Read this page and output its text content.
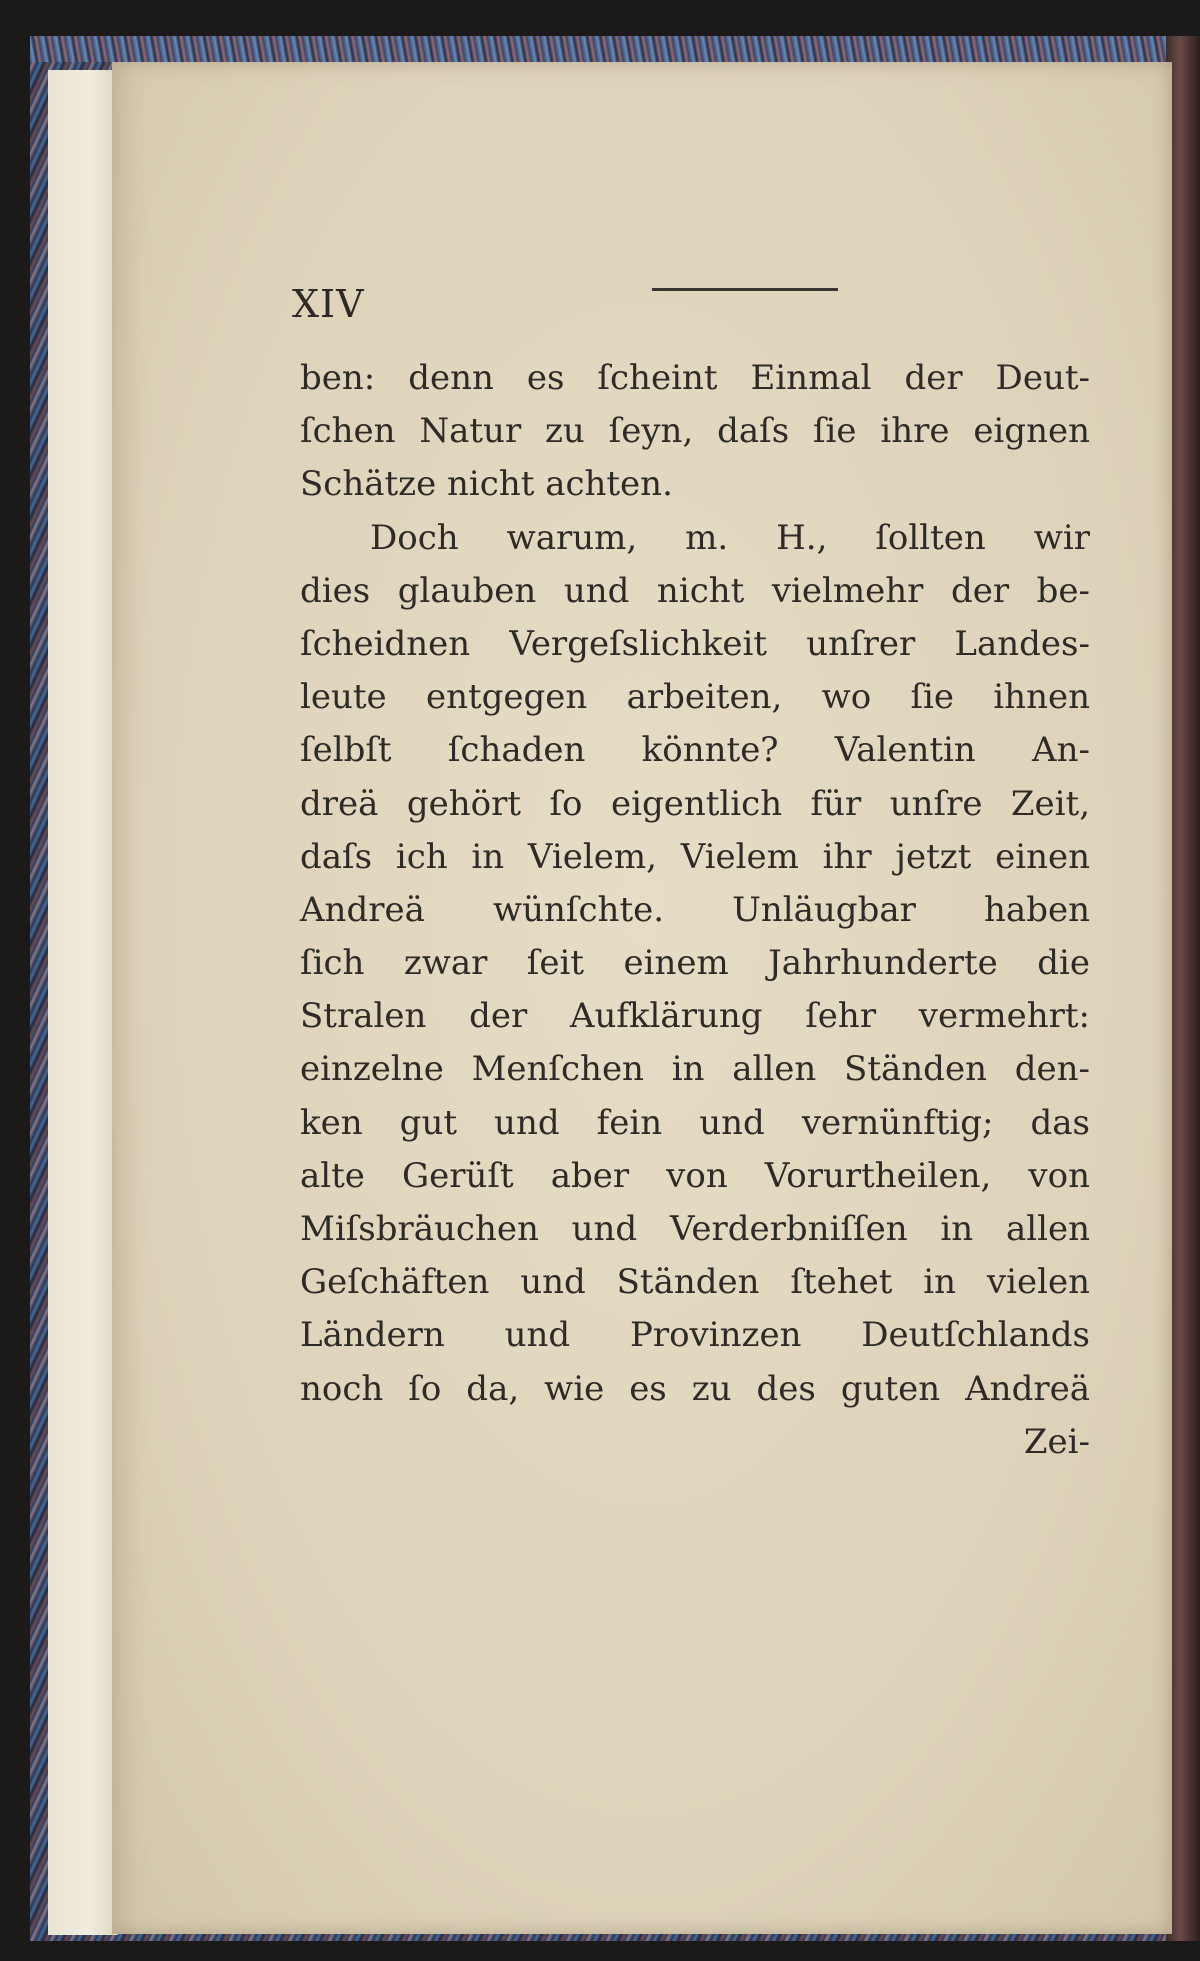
XIV
ben: denn es ſcheint Einmal der Deut-
ſchen Natur zu ſeyn, daſs ſie ihre eignen
Schätze nicht achten.
Doch warum, m. H., ſollten wir
dies glauben und nicht vielmehr der be-
ſcheidnen Vergeſslichkeit unſrer Landes-
leute entgegen arbeiten, wo ſie ihnen
ſelbſt ſchaden könnte? Valentin An-
dreä gehört ſo eigentlich für unſre Zeit,
daſs ich in Vielem, Vielem ihr jetzt einen
Andreä wünſchte. Unläugbar haben
ſich zwar ſeit einem Jahrhunderte die
Stralen der Aufklärung ſehr vermehrt:
einzelne Menſchen in allen Ständen den-
ken gut und fein und vernünftig; das
alte Gerüſt aber von Vorurtheilen, von
Miſsbräuchen und Verderbniſſen in allen
Geſchäften und Ständen ſtehet in vielen
Ländern und Provinzen Deutſchlands
noch ſo da, wie es zu des guten Andreä
Zei-
